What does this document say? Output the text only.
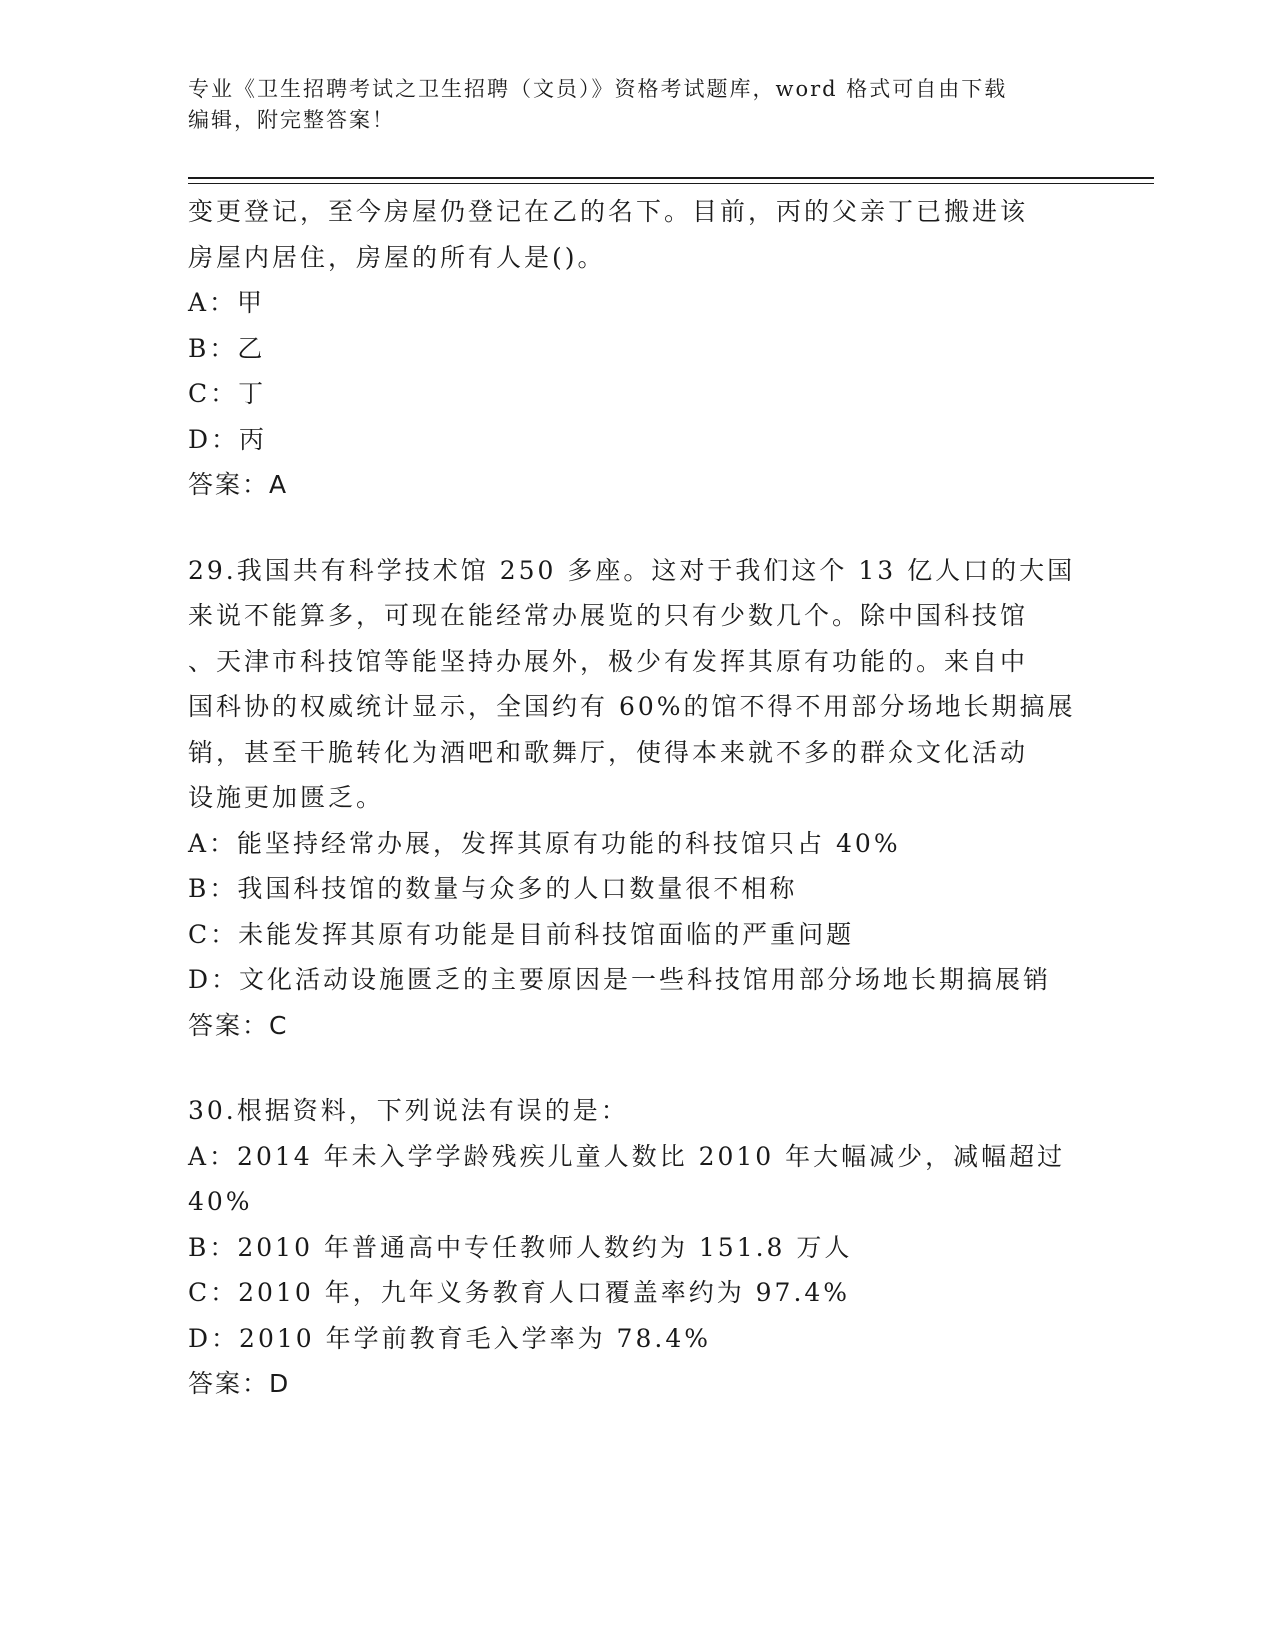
专业《卫生招聘考试之卫生招聘（文员）》资格考试题库，word 格式可自由下载
编辑，附完整答案！
变更登记，至今房屋仍登记在乙的名下。目前，丙的父亲丁已搬进该
房屋内居住，房屋的所有人是()。
A：甲
B：乙
C：丁
D：丙
答案：A
29.我国共有科学技术馆 250 多座。这对于我们这个 13 亿人口的大国
来说不能算多，可现在能经常办展览的只有少数几个。除中国科技馆
、天津市科技馆等能坚持办展外，极少有发挥其原有功能的。来自中
国科协的权威统计显示，全国约有 60%的馆不得不用部分场地长期搞展
销，甚至干脆转化为酒吧和歌舞厅，使得本来就不多的群众文化活动
设施更加匮乏。
A：能坚持经常办展，发挥其原有功能的科技馆只占 40%
B：我国科技馆的数量与众多的人口数量很不相称
C：未能发挥其原有功能是目前科技馆面临的严重问题
D：文化活动设施匮乏的主要原因是一些科技馆用部分场地长期搞展销
答案：C
30.根据资料，下列说法有误的是：
A：2014 年未入学学龄残疾儿童人数比 2010 年大幅减少，减幅超过
40%
B：2010 年普通高中专任教师人数约为 151.8 万人
C：2010 年，九年义务教育人口覆盖率约为 97.4%
D：2010 年学前教育毛入学率为 78.4%
答案：D
